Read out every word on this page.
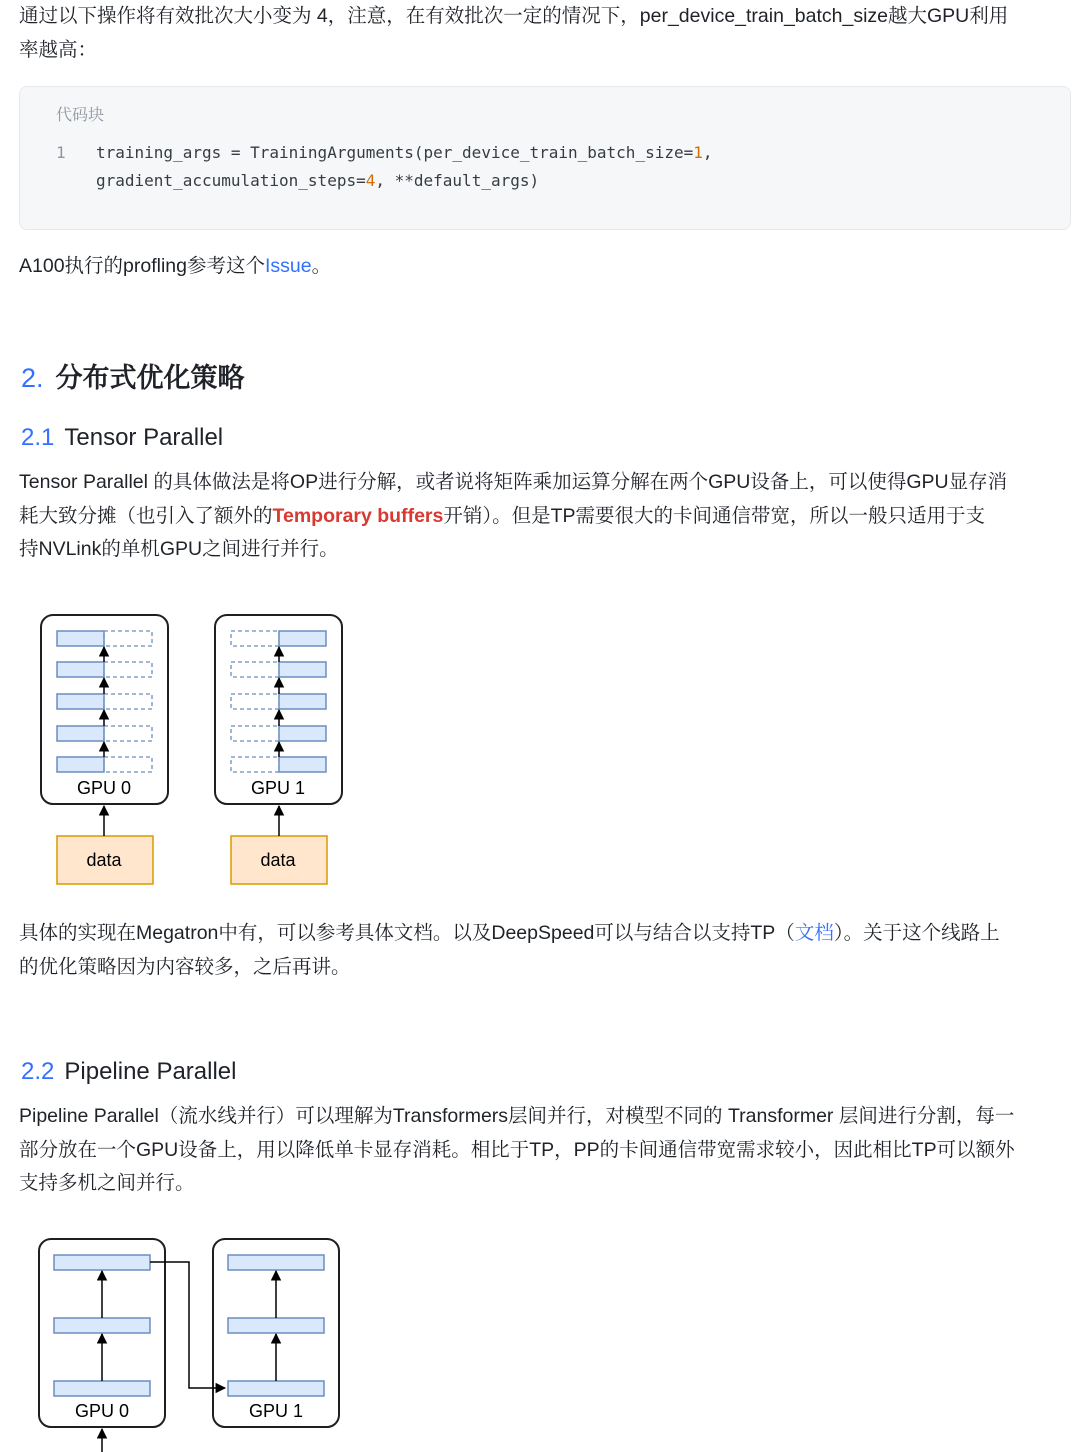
通过以下操作将有效批次大小变为 4，注意，在有效批次一定的情况下，per_device_train_batch_size越大GPU利用
率越高：

代码块
1 training_args = TrainingArguments(per_device_train_batch_size=1,
gradient_accumulation_steps=4, **default_args)

A100执行的profling参考这个Issue。

2. 分布式优化策略
2.1 Tensor Parallel

Tensor Parallel 的具体做法是将OP进行分解，或者说将矩阵乘加运算分解在两个GPU设备上，可以使得GPU显存消
耗大致分摊（也引入了额外的Temporary buffers开销）。但是TP需要很大的卡间通信带宽，所以一般只适用于支
持NVLink的单机GPU之间进行并行。

GPU 0	GPU 1
data	data

具体的实现在Megatron中有，可以参考具体文档。以及DeepSpeed可以与结合以支持TP（文档）。关于这个线路上
的优化策略因为内容较多，之后再讲。

2.2 Pipeline Parallel

Pipeline Parallel（流水线并行）可以理解为Transformers层间并行，对模型不同的 Transformer 层间进行分割，每一
部分放在一个GPU设备上，用以降低单卡显存消耗。相比于TP，PP的卡间通信带宽需求较小，因此相比TP可以额外
支持多机之间并行。

GPU 0	GPU 1
